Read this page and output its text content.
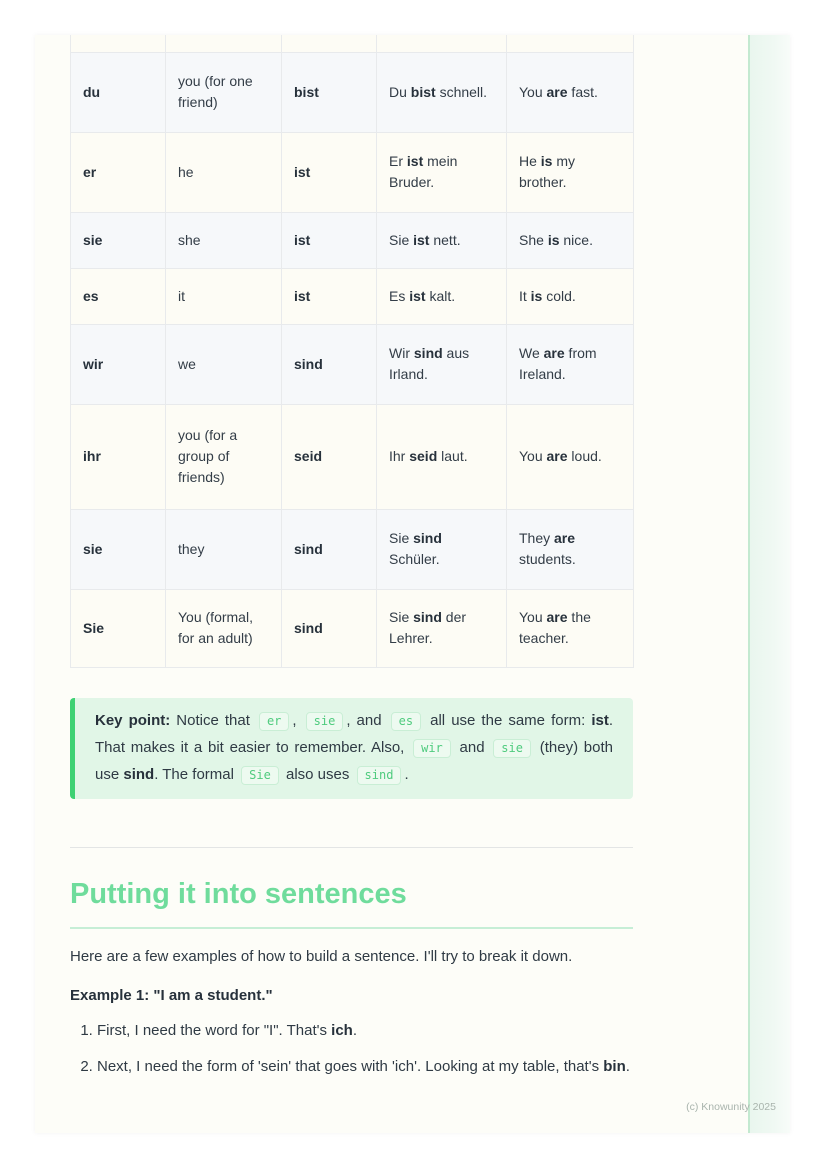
du	you (for one friend)	bist	Du bist schnell.	You are fast.
er	he	ist	Er ist mein Bruder.	He is my brother.
sie	she	ist	Sie ist nett.	She is nice.
es	it	ist	Es ist kalt.	It is cold.
wir	we	sind	Wir sind aus Irland.	We are from Ireland.
ihr	you (for a group of friends)	seid	Ihr seid laut.	You are loud.
sie	they	sind	Sie sind Schüler.	They are students.
Sie	You (formal, for an adult)	sind	Sie sind der Lehrer.	You are the teacher.

Key point: Notice that er , sie , and es all use the same form: ist. That makes it a bit easier to remember. Also, wir and sie (they) both use sind. The formal Sie also uses sind .

Putting it into sentences

Here are a few examples of how to build a sentence. I'll try to break it down.

Example 1: "I am a student."

1. First, I need the word for "I". That's ich.
2. Next, I need the form of 'sein' that goes with 'ich'. Looking at my table, that's bin.
(c) Knowunity 2025
